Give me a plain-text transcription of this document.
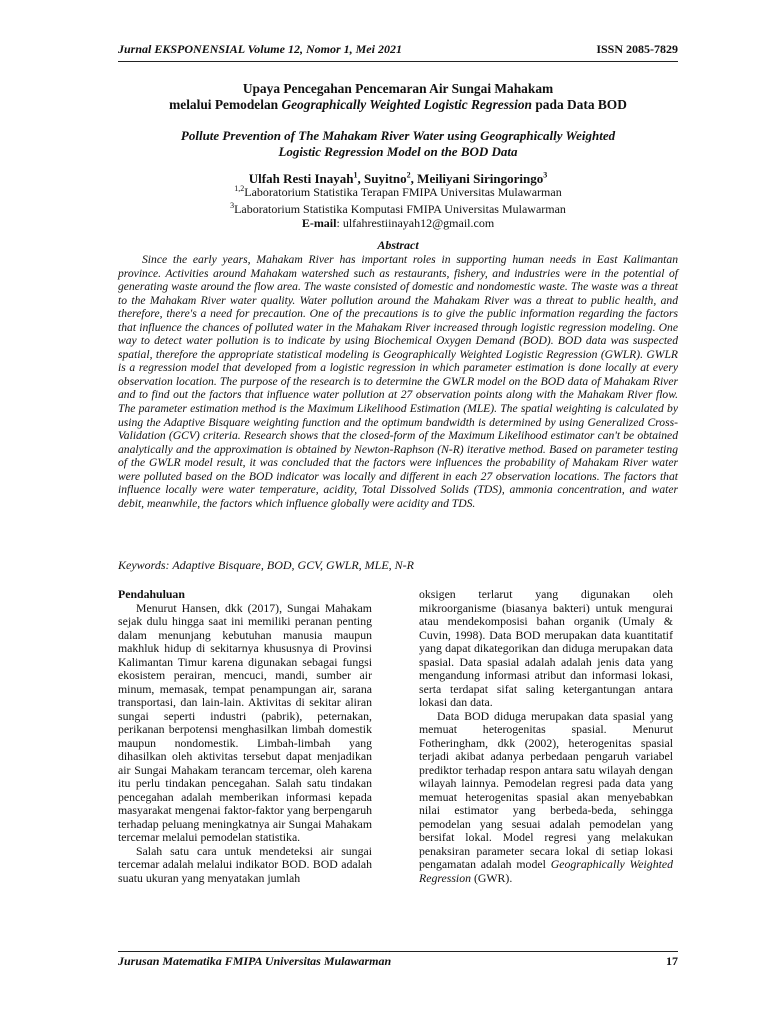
Jurnal EKSPONENSIAL Volume 12, Nomor 1, Mei 2021	ISSN 2085-7829
Upaya Pencegahan Pencemaran Air Sungai Mahakam
melalui Pemodelan Geographically Weighted Logistic Regression pada Data BOD
Pollute Prevention of The Mahakam River Water using Geographically Weighted
Logistic Regression Model on the BOD Data
Ulfah Resti Inayah$^1$, Suyitno$^2$, Meiliyani Siringoringo$^3$
$^{1,2}$Laboratorium Statistika Terapan FMIPA Universitas Mulawarman
$^3$Laboratorium Statistika Komputasi FMIPA Universitas Mulawarman
E-mail: ulfahrestiinayah12@gmail.com
Abstract
Since the early years, Mahakam River has important roles in supporting human needs in East Kalimantan province. Activities around Mahakam watershed such as restaurants, fishery, and industries were in the potential of generating waste around the flow area. The waste consisted of domestic and nondomestic waste. The waste was a threat to the Mahakam River water quality. Water pollution around the Mahakam River was a threat to public health, and therefore, there's a need for precaution. One of the precautions is to give the public information regarding the factors that influence the chances of polluted water in the Mahakam River increased through logistic regression modeling. One way to detect water pollution is to indicate by using Biochemical Oxygen Demand (BOD). BOD data was suspected spatial, therefore the appropriate statistical modeling is Geographically Weighted Logistic Regression (GWLR). GWLR is a regression model that developed from a logistic regression in which parameter estimation is done locally at every observation location. The purpose of the research is to determine the GWLR model on the BOD data of Mahakam River and to find out the factors that influence water pollution at 27 observation points along with the Mahakam River flow. The parameter estimation method is the Maximum Likelihood Estimation (MLE). The spatial weighting is calculated by using the Adaptive Bisquare weighting function and the optimum bandwidth is determined by using Generalized Cross-Validation (GCV) criteria. Research shows that the closed-form of the Maximum Likelihood estimator can't be obtained analytically and the approximation is obtained by Newton-Raphson (N-R) iterative method. Based on parameter testing of the GWLR model result, it was concluded that the factors were influences the probability of Mahakam River water were polluted based on the BOD indicator was locally and different in each 27 observation locations. The factors that influence locally were water temperature, acidity, Total Dissolved Solids (TDS), ammonia concentration, and water debit, meanwhile, the factors which influence globally were acidity and TDS.
Keywords: Adaptive Bisquare, BOD, GCV, GWLR, MLE, N-R

Pendahuluan

Menurut Hansen, dkk (2017), Sungai Mahakam sejak dulu hingga saat ini memiliki peranan penting dalam menunjang kebutuhan manusia maupun makhluk hidup di sekitarnya khususnya di Provinsi Kalimantan Timur karena digunakan sebagai fungsi ekosistem perairan, mencuci, mandi, sumber air minum, memasak, tempat penampungan air, sarana transportasi, dan lain-lain. Aktivitas di sekitar aliran sungai seperti industri (pabrik), peternakan, perikanan berpotensi menghasilkan limbah domestik maupun nondomestik. Limbah-limbah yang dihasilkan oleh aktivitas tersebut dapat menjadikan air Sungai Mahakam terancam tercemar, oleh karena itu perlu tindakan pencegahan. Salah satu tindakan pencegahan adalah memberikan informasi kepada masyarakat mengenai faktor-faktor yang berpengaruh terhadap peluang meningkatnya air Sungai Mahakam tercemar melalui pemodelan statistika.

Salah satu cara untuk mendeteksi air sungai tercemar adalah melalui indikator BOD. BOD adalah suatu ukuran yang menyatakan jumlah

oksigen terlarut yang digunakan oleh mikroorganisme (biasanya bakteri) untuk mengurai atau mendekomposisi bahan organik (Umaly & Cuvin, 1998). Data BOD merupakan data kuantitatif yang dapat dikategorikan dan diduga merupakan data spasial. Data spasial adalah adalah jenis data yang mengandung informasi atribut dan informasi lokasi, serta terdapat sifat saling ketergantungan antara lokasi dan data.

Data BOD diduga merupakan data spasial yang memuat heterogenitas spasial. Menurut Fotheringham, dkk (2002), heterogenitas spasial terjadi akibat adanya perbedaan pengaruh variabel prediktor terhadap respon antara satu wilayah dengan wilayah lainnya. Pemodelan regresi pada data yang memuat heterogenitas spasial akan menyebabkan nilai estimator yang berbeda-beda, sehingga pemodelan yang sesuai adalah pemodelan yang bersifat lokal. Model regresi yang melakukan penaksiran parameter secara lokal di setiap lokasi pengamatan adalah model Geographically Weighted Regression (GWR).

Jurusan Matematika FMIPA Universitas Mulawarman	17
